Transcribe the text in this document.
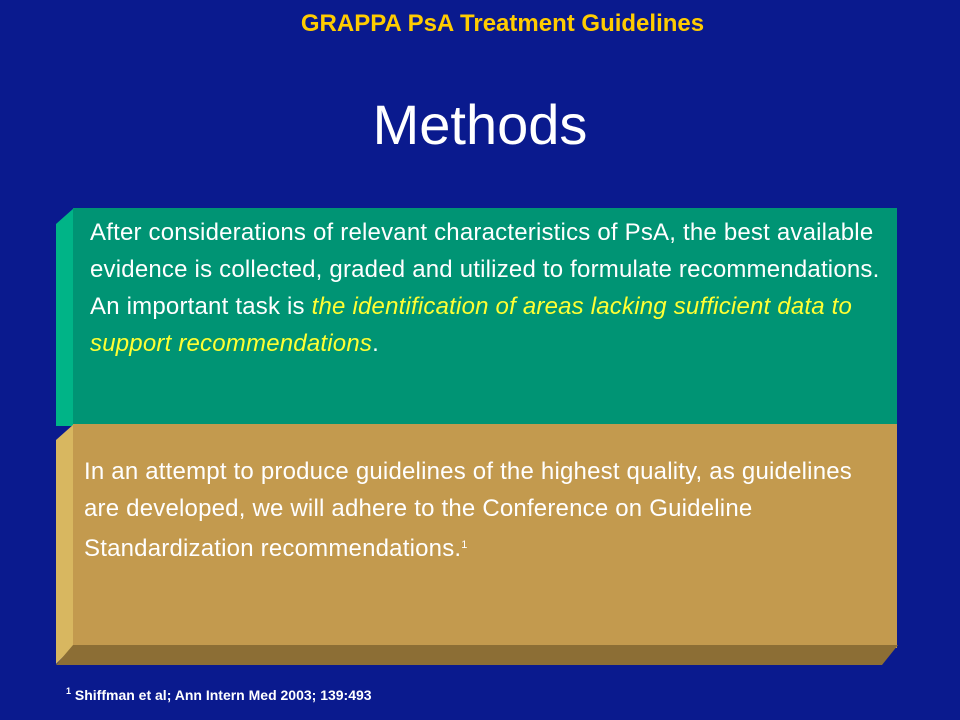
GRAPPA PsA Treatment Guidelines
Methods
After considerations of relevant characteristics of PsA, the best available evidence is collected, graded and utilized to formulate recommendations. An important task is the identification of areas lacking sufficient data to support recommendations.
In an attempt to produce guidelines of the highest quality, as guidelines are developed, we will adhere to the Conference on Guideline Standardization recommendations.$^1$
$^1$ Shiffman et al; Ann Intern Med 2003; 139:493
